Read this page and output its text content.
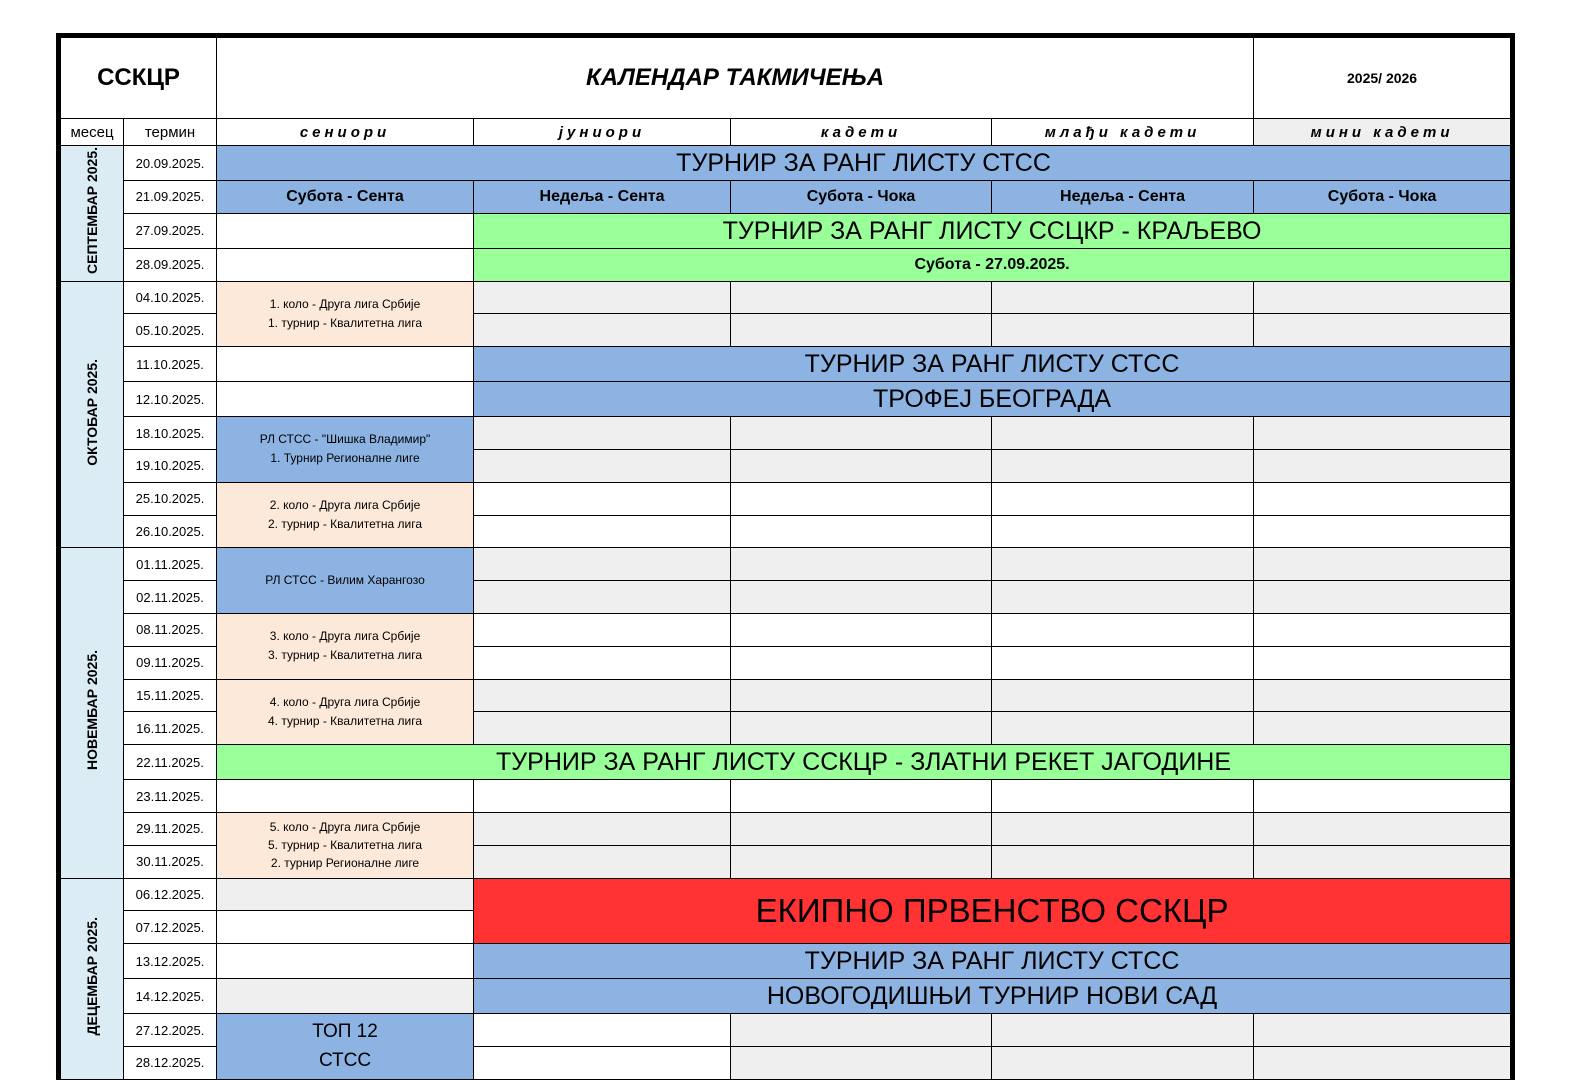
ССКЦР		КАЛЕНДАР ТАКМИЧЕЊА				2025/ 2026
месец	термин	сениори	јуниори	кадети	млађи кадети	мини кадети
СЕПТЕМБАР 2025.	20.09.2025.	ТУРНИР ЗА РАНГ ЛИСТУ СТСС				
	21.09.2025.	Субота - Сента	Недеља - Сента	Субота - Чока	Недеља - Сента	Субота - Чока
	27.09.2025.		ТУРНИР ЗА РАНГ ЛИСТУ ССЦКР - КРАЉЕВО			
	28.09.2025.		Субота - 27.09.2025.			
ОКТОБАР 2025.	04.10.2025.	1. коло - Друга лига Србије
1. турнир - Квалитетна лига				

	05.10.2025.					
	11.10.2025.		ТУРНИР ЗА РАНГ ЛИСТУ СТСС			
	12.10.2025.		ТРОФЕЈ БЕОГРАДА			
	18.10.2025.	РЛ СТСС - "Шишка Владимир"
1. Турнир Регионалне лиге				

	19.10.2025.					
	25.10.2025.	2. коло - Друга лига Србије
2. турнир - Квалитетна лига				

	26.10.2025.					
НОВЕМБАР 2025.	01.11.2025.	РЛ СТСС - Вилим Харангозо				
	02.11.2025.					
	08.11.2025.	3. коло - Друга лига Србије
3. турнир - Квалитетна лига				

	09.11.2025.					
	15.11.2025.	4. коло - Друга лига Србије
4. турнир - Квалитетна лига				

	16.11.2025.					
	22.11.2025.	ТУРНИР ЗА РАНГ ЛИСТУ ССКЦР - ЗЛАТНИ РЕКЕТ ЈАГОДИНЕ				
	23.11.2025.					
	29.11.2025.	5. коло - Друга лига Србије
5. турнир - Квалитетна лига
2. турнир Регионалне лиге				

	30.11.2025.					
ДЕЦЕМБАР 2025.	06.12.2025.		ЕКИПНО ПРВЕНСТВО ССКЦР			
	07.12.2025.					
	13.12.2025.		ТУРНИР ЗА РАНГ ЛИСТУ СТСС			
	14.12.2025.		НОВОГОДИШЊИ ТУРНИР НОВИ САД			
	27.12.2025.	ТОП 12
СТСС				

	28.12.2025.					
